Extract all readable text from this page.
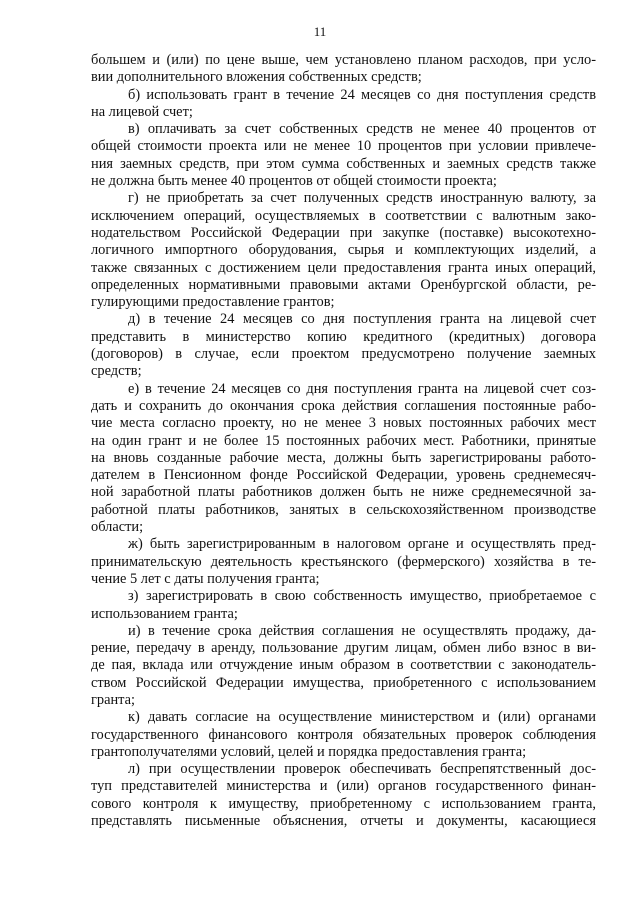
11
большем и (или) по цене выше, чем установлено планом расходов, при усло-
вии дополнительного вложения собственных средств;
б) использовать грант в течение 24 месяцев со дня поступления средств
на лицевой счет;
в) оплачивать за счет собственных средств не менее 40 процентов от
общей стоимости проекта или не менее 10 процентов при условии привлече-
ния заемных средств, при этом сумма собственных и заемных средств также
не должна быть менее 40 процентов от общей стоимости проекта;
г) не приобретать за счет полученных средств иностранную валюту, за
исключением операций, осуществляемых в соответствии с валютным зако-
нодательством Российской Федерации при закупке (поставке) высокотехно-
логичного импортного оборудования, сырья и комплектующих изделий, а
также связанных с достижением цели предоставления гранта иных операций,
определенных нормативными правовыми актами Оренбургской области, ре-
гулирующими предоставление грантов;
д) в течение 24 месяцев со дня поступления гранта на лицевой счет
представить в министерство копию кредитного (кредитных) договора
(договоров) в случае, если проектом предусмотрено получение заемных
средств;
е) в течение 24 месяцев со дня поступления гранта на лицевой счет соз-
дать и сохранить до окончания срока действия соглашения постоянные рабо-
чие места согласно проекту, но не менее 3 новых постоянных рабочих мест
на один грант и не более 15 постоянных рабочих мест. Работники, принятые
на вновь созданные рабочие места, должны быть зарегистрированы работо-
дателем в Пенсионном фонде Российской Федерации, уровень среднемесяч-
ной заработной платы работников должен быть не ниже среднемесячной за-
работной платы работников, занятых в сельскохозяйственном производстве
области;
ж) быть зарегистрированным в налоговом органе и осуществлять пред-
принимательскую деятельность крестьянского (фермерского) хозяйства в те-
чение 5 лет с даты получения гранта;
з) зарегистрировать в свою собственность имущество, приобретаемое с
использованием гранта;
и) в течение срока действия соглашения не осуществлять продажу, да-
рение, передачу в аренду, пользование другим лицам, обмен либо взнос в ви-
де пая, вклада или отчуждение иным образом в соответствии с законодатель-
ством Российской Федерации имущества, приобретенного с использованием
гранта;
к) давать согласие на осуществление министерством и (или) органами
государственного финансового контроля обязательных проверок соблюдения
грантополучателями условий, целей и порядка предоставления гранта;
л) при осуществлении проверок обеспечивать беспрепятственный дос-
туп представителей министерства и (или) органов государственного финан-
сового контроля к имуществу, приобретенному с использованием гранта,
представлять письменные объяснения, отчеты и документы, касающиеся
